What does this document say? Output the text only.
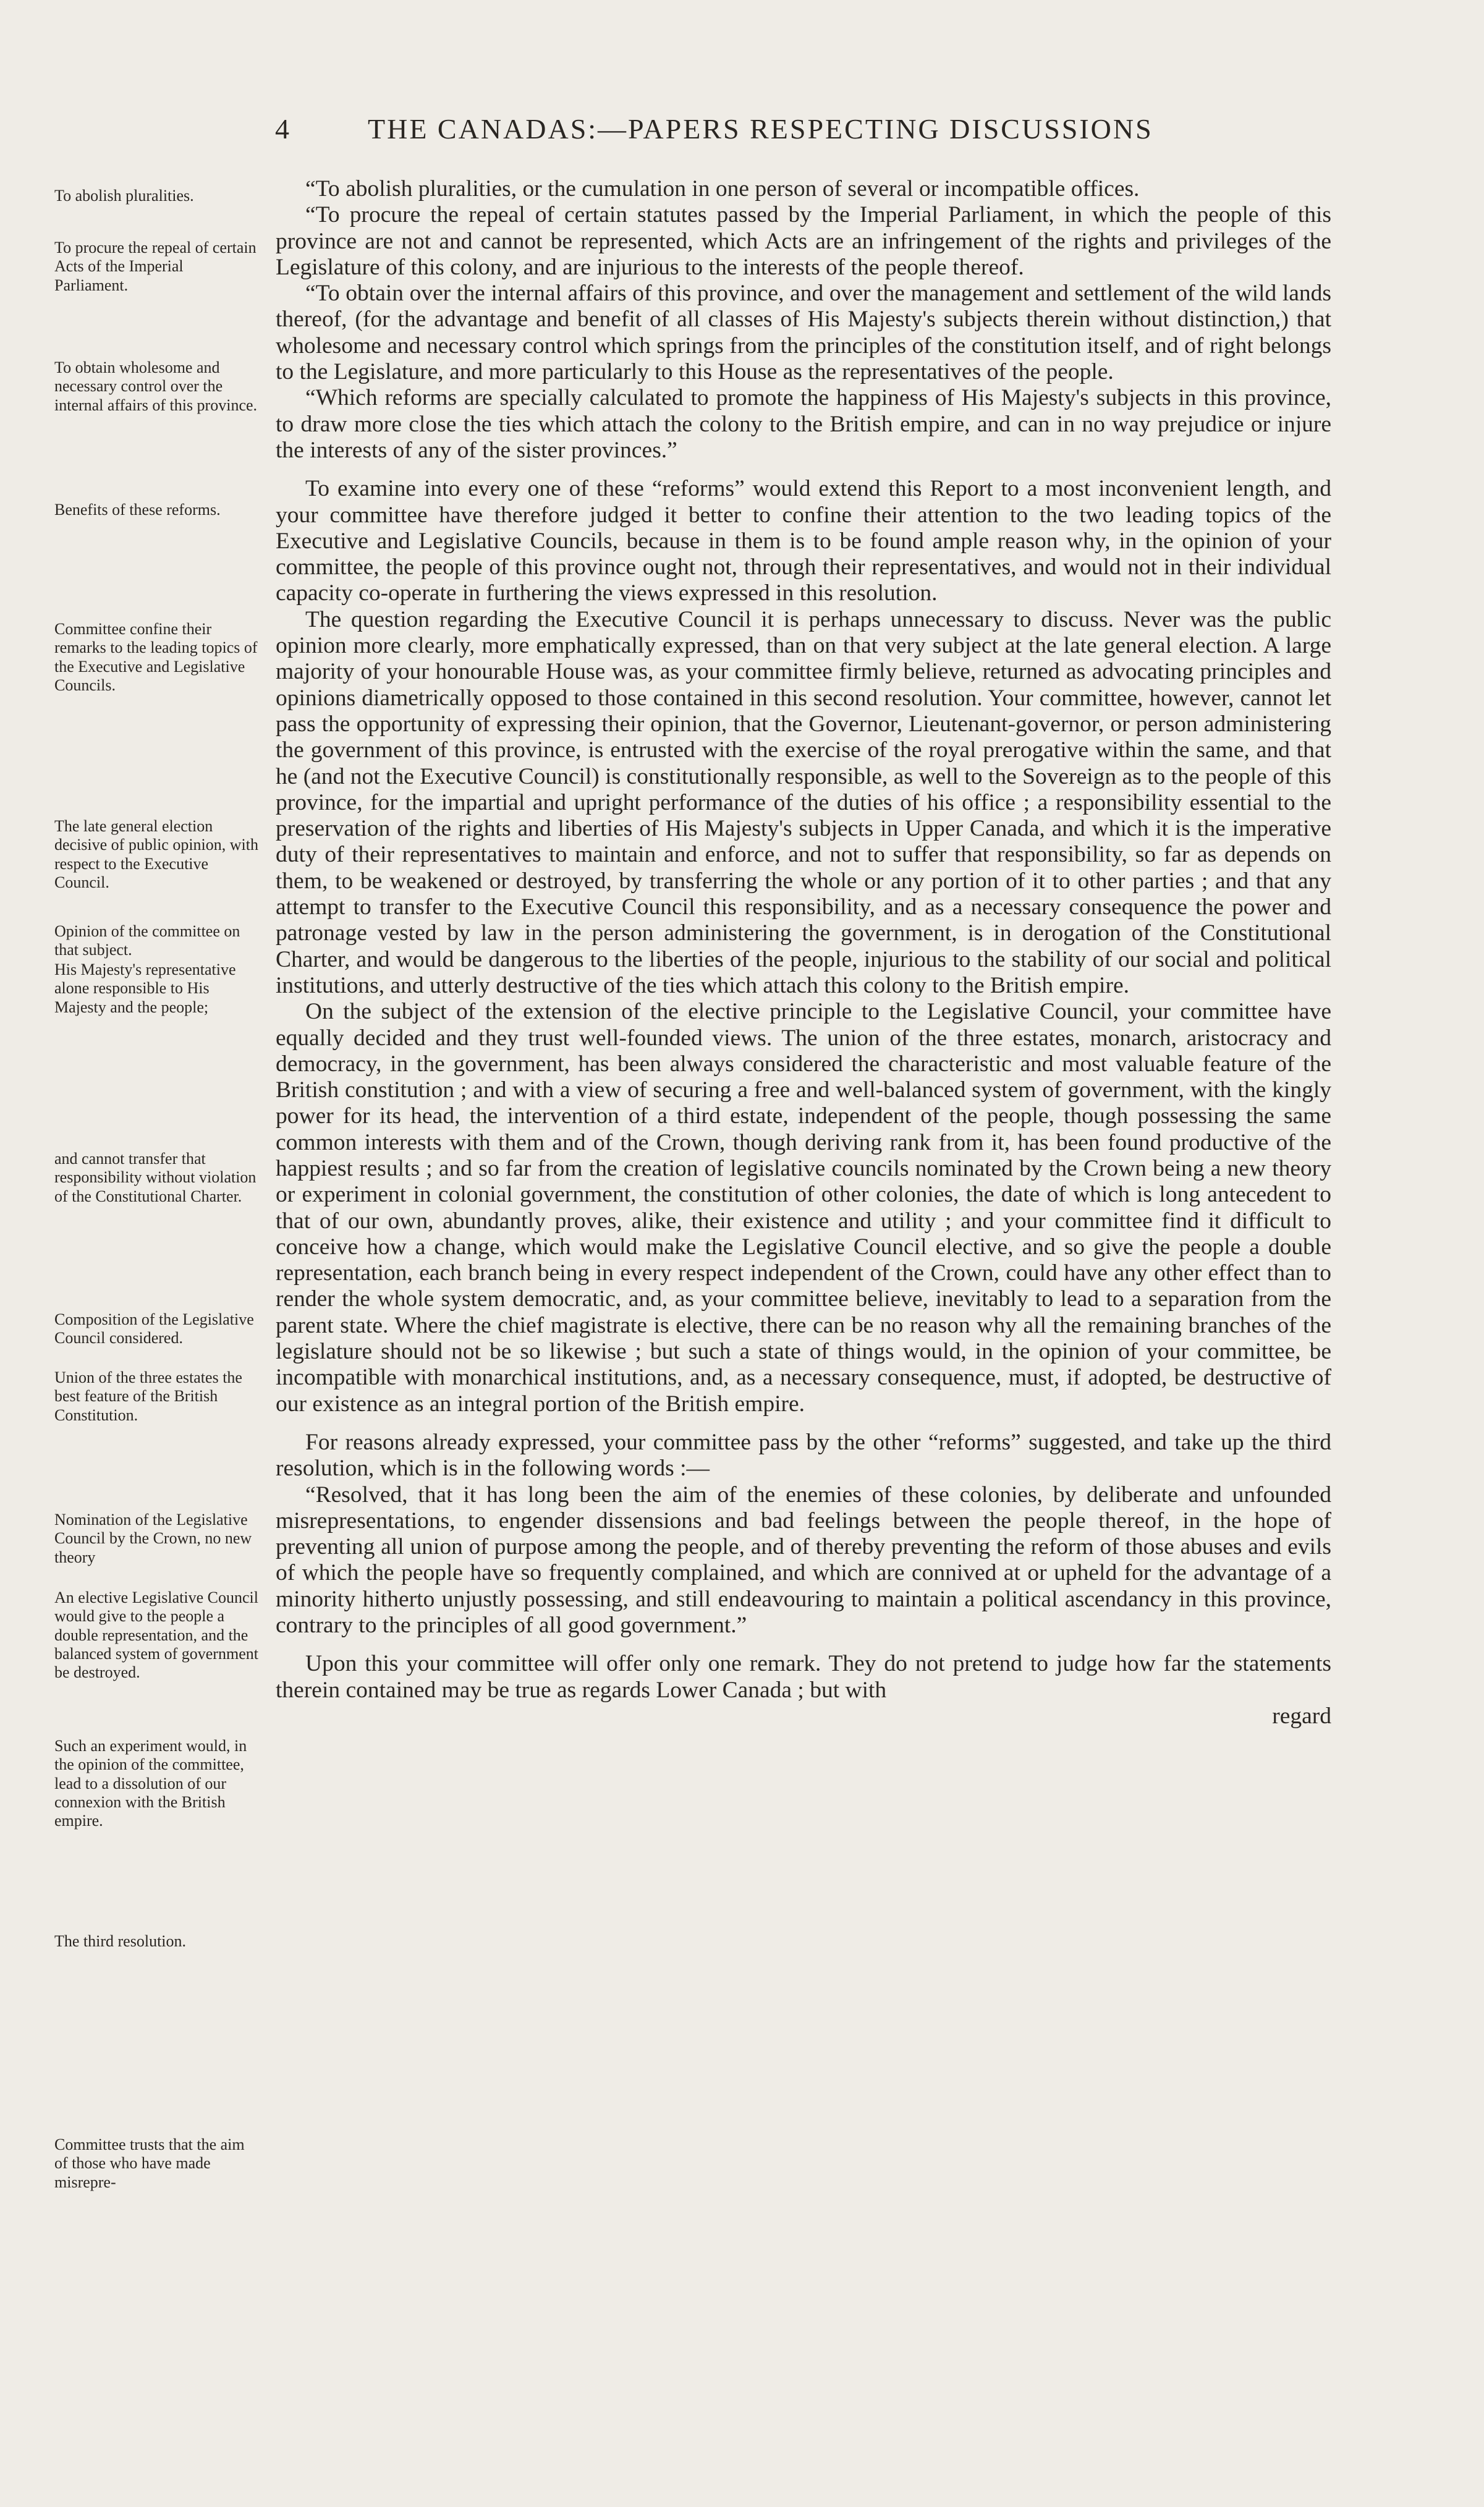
4	THE CANADAS:—PAPERS RESPECTING DISCUSSIONS
To abolish pluralities.
To procure the repeal of certain Acts of the Imperial Parliament.
To obtain wholesome and necessary control over the internal affairs of this province.
Benefits of these reforms.
Committee confine their remarks to the leading topics of the Executive and Legislative Councils.
The late general election decisive of public opinion, with respect to the Executive Council.
Opinion of the committee on that subject.
His Majesty's representative alone responsible to His Majesty and the people;
and cannot transfer that responsibility without violation of the Constitutional Charter.
Composition of the Legislative Council considered.
Union of the three estates the best feature of the British Constitution.
Nomination of the Legislative Council by the Crown, no new theory
An elective Legislative Council would give to the people a double representation, and the balanced system of government be destroyed.
Such an experiment would, in the opinion of the committee, lead to a dissolution of our connexion with the British empire.
The third resolution.
Committee trusts that the aim of those who have made misrepre-

“To abolish pluralities, or the cumulation in one person of several or incompatible offices.

“To procure the repeal of certain statutes passed by the Imperial Parliament, in which the people of this province are not and cannot be represented, which Acts are an infringement of the rights and privileges of the Legislature of this colony, and are injurious to the interests of the people thereof.

“To obtain over the internal affairs of this province, and over the management and settlement of the wild lands thereof, (for the advantage and benefit of all classes of His Majesty's subjects therein without distinction,) that wholesome and necessary control which springs from the principles of the constitution itself, and of right belongs to the Legislature, and more particularly to this House as the representatives of the people.

“Which reforms are specially calculated to promote the happiness of His Majesty's subjects in this province, to draw more close the ties which attach the colony to the British empire, and can in no way prejudice or injure the interests of any of the sister provinces.”

To examine into every one of these “reforms” would extend this Report to a most inconvenient length, and your committee have therefore judged it better to confine their attention to the two leading topics of the Executive and Legislative Councils, because in them is to be found ample reason why, in the opinion of your committee, the people of this province ought not, through their representatives, and would not in their individual capacity co-operate in furthering the views expressed in this resolution.

The question regarding the Executive Council it is perhaps unnecessary to discuss. Never was the public opinion more clearly, more emphatically expressed, than on that very subject at the late general election. A large majority of your honourable House was, as your committee firmly believe, returned as advocating principles and opinions diametrically opposed to those contained in this second resolution. Your committee, however, cannot let pass the opportunity of expressing their opinion, that the Governor, Lieutenant-governor, or person administering the government of this province, is entrusted with the exercise of the royal prerogative within the same, and that he (and not the Executive Council) is constitutionally responsible, as well to the Sovereign as to the people of this province, for the impartial and upright performance of the duties of his office ; a responsibility essential to the preservation of the rights and liberties of His Majesty's subjects in Upper Canada, and which it is the imperative duty of their representatives to maintain and enforce, and not to suffer that responsibility, so far as depends on them, to be weakened or destroyed, by transferring the whole or any portion of it to other parties ; and that any attempt to transfer to the Executive Council this responsibility, and as a necessary consequence the power and patronage vested by law in the person administering the government, is in derogation of the Constitutional Charter, and would be dangerous to the liberties of the people, injurious to the stability of our social and political institutions, and utterly destructive of the ties which attach this colony to the British empire.

On the subject of the extension of the elective principle to the Legislative Council, your committee have equally decided and they trust well-founded views. The union of the three estates, monarch, aristocracy and democracy, in the government, has been always considered the characteristic and most valuable feature of the British constitution ; and with a view of securing a free and well-balanced system of government, with the kingly power for its head, the intervention of a third estate, independent of the people, though possessing the same common interests with them and of the Crown, though deriving rank from it, has been found productive of the happiest results ; and so far from the creation of legislative councils nominated by the Crown being a new theory or experiment in colonial government, the constitution of other colonies, the date of which is long antecedent to that of our own, abundantly proves, alike, their existence and utility ; and your committee find it difficult to conceive how a change, which would make the Legislative Council elective, and so give the people a double representation, each branch being in every respect independent of the Crown, could have any other effect than to render the whole system democratic, and, as your committee believe, inevitably to lead to a separation from the parent state. Where the chief magistrate is elective, there can be no reason why all the remaining branches of the legislature should not be so likewise ; but such a state of things would, in the opinion of your committee, be incompatible with monarchical institutions, and, as a necessary consequence, must, if adopted, be destructive of our existence as an integral portion of the British empire.

For reasons already expressed, your committee pass by the other “reforms” suggested, and take up the third resolution, which is in the following words :—

“Resolved, that it has long been the aim of the enemies of these colonies, by deliberate and unfounded misrepresentations, to engender dissensions and bad feelings between the people thereof, in the hope of preventing all union of purpose among the people, and of thereby preventing the reform of those abuses and evils of which the people have so frequently complained, and which are connived at or upheld for the advantage of a minority hitherto unjustly possessing, and still endeavouring to maintain a political ascendancy in this province, contrary to the principles of all good government.”

Upon this your committee will offer only one remark. They do not pretend to judge how far the statements therein contained may be true as regards Lower Canada ; but with

regard
